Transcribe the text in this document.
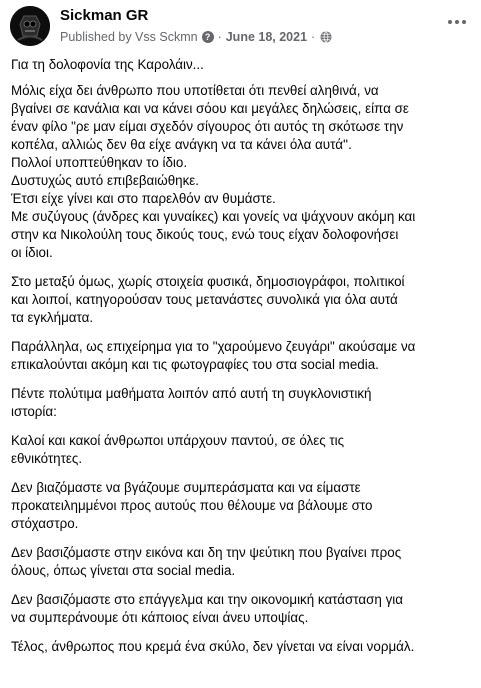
Sickman GR
Published by Vss Sckmn ? · June 18, 2021 ·

Για τη δολοφονία της Καρολάιν...

Μόλις είχα δει άνθρωπο που υποτίθεται ότι πενθεί αληθινά, να
βγαίνει σε κανάλια και να κάνει σόου και μεγάλες δηλώσεις, είπα σε
έναν φίλο "ρε μαν είμαι σχεδόν σίγουρος ότι αυτός τη σκότωσε την
κοπέλα, αλλιώς δεν θα είχε ανάγκη να τα κάνει όλα αυτά''.
Πολλοί υποπτεύθηκαν το ίδιο.
Δυστυχώς αυτό επιβεβαιώθηκε.
Έτσι είχε γίνει και στο παρελθόν αν θυμάστε.
Με συζύγους (άνδρες και γυναίκες) και γονείς να ψάχνουν ακόμη και
στην κα Νικολούλη τους δικούς τους, ενώ τους είχαν δολοφονήσει
οι ίδιοι.

Στο μεταξύ όμως, χωρίς στοιχεία φυσικά, δημοσιογράφοι, πολιτικοί
και λοιποί, κατηγορούσαν τους μετανάστες συνολικά για όλα αυτά
τα εγκλήματα.

Παράλληλα, ως επιχείρημα για το "χαρούμενο ζευγάρι" ακούσαμε να
επικαλούνται ακόμη και τις φωτογραφίες του στα social media.

Πέντε πολύτιμα μαθήματα λοιπόν από αυτή τη συγκλονιστική
ιστορία:

Καλοί και κακοί άνθρωποι υπάρχουν παντού, σε όλες τις
εθνικότητες.

Δεν βιαζόμαστε να βγάζουμε συμπεράσματα και να είμαστε
προκατειλημμένοι προς αυτούς που θέλουμε να βάλουμε στο
στόχαστρο.

Δεν βασιζόμαστε στην εικόνα και δη την ψεύτικη που βγαίνει προς
όλους, όπως γίνεται στα social media.

Δεν βασιζόμαστε στο επάγγελμα και την οικονομική κατάσταση για
να συμπεράνουμε ότι κάποιος είναι άνευ υποψίας.

Τέλος, άνθρωπος που κρεμά ένα σκύλο, δεν γίνεται να είναι νορμάλ.
